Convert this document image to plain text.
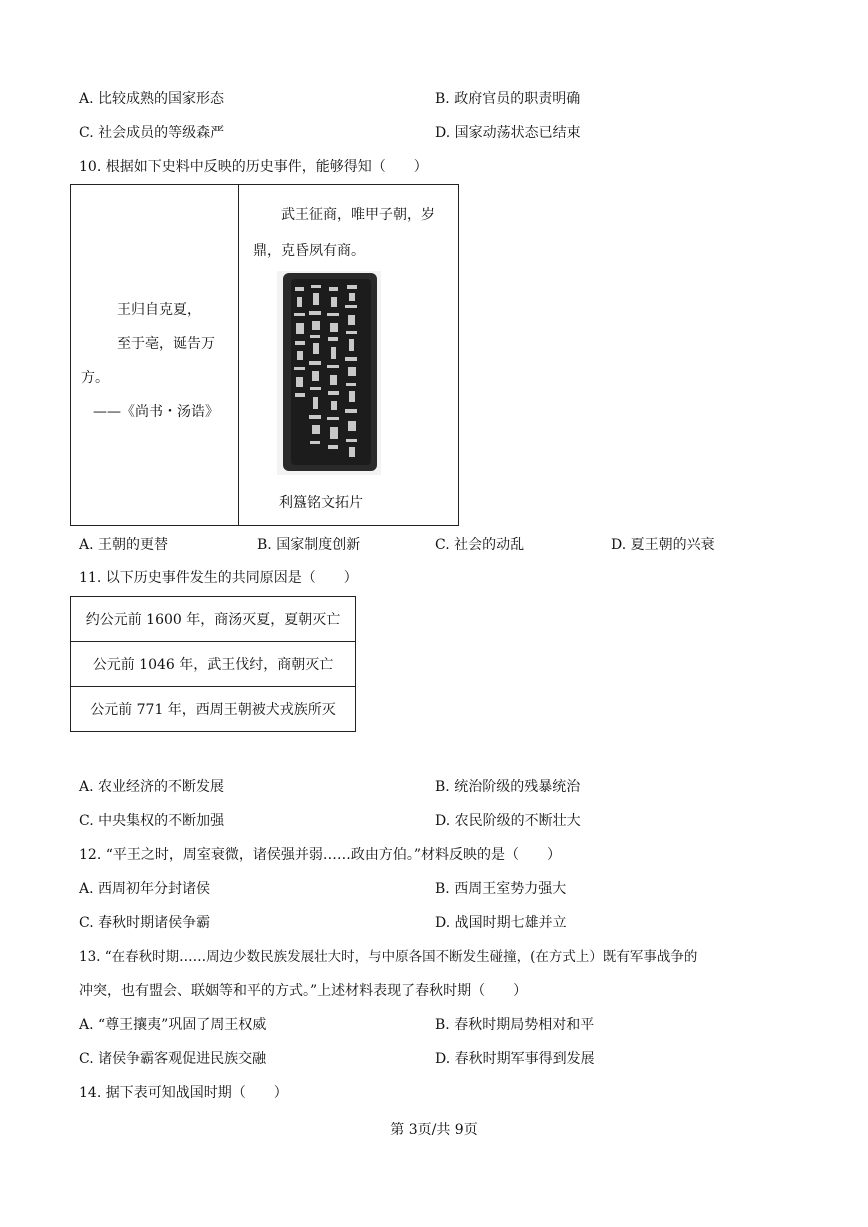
A. 比较成熟的国家形态	B. 政府官员的职责明确
C. 社会成员的等级森严	D. 国家动荡状态已结束
10. 根据如下史料中反映的历史事件，能够得知（　　）
王归自克夏，
至于亳，诞告万
方。
——《尚书・汤诰》

武王征商，唯甲子朝，岁
鼎，克昏夙有商。
利簋铭文拓片
A. 王朝的更替	B. 国家制度创新	C. 社会的动乱	D. 夏王朝的兴衰
11. 以下历史事件发生的共同原因是（　　）
约公元前 1600 年，商汤灭夏，夏朝灭亡
公元前 1046 年，武王伐纣，商朝灭亡
公元前 771 年，西周王朝被犬戎族所灭
A. 农业经济的不断发展	B. 统治阶级的残暴统治
C. 中央集权的不断加强	D. 农民阶级的不断壮大
12. “平王之时，周室衰微，诸侯强并弱……政由方伯。”材料反映的是（　　）
A. 西周初年分封诸侯	B. 西周王室势力强大
C. 春秋时期诸侯争霸	D. 战国时期七雄并立
13. “在春秋时期……周边少数民族发展壮大时，与中原各国不断发生碰撞，(在方式上）既有军事战争的
冲突，也有盟会、联姻等和平的方式。”上述材料表现了春秋时期（　　）
A. “尊王攘夷”巩固了周王权威	B. 春秋时期局势相对和平
C. 诸侯争霸客观促进民族交融	D. 春秋时期军事得到发展
14. 据下表可知战国时期（　　）
第 3页/共 9页
